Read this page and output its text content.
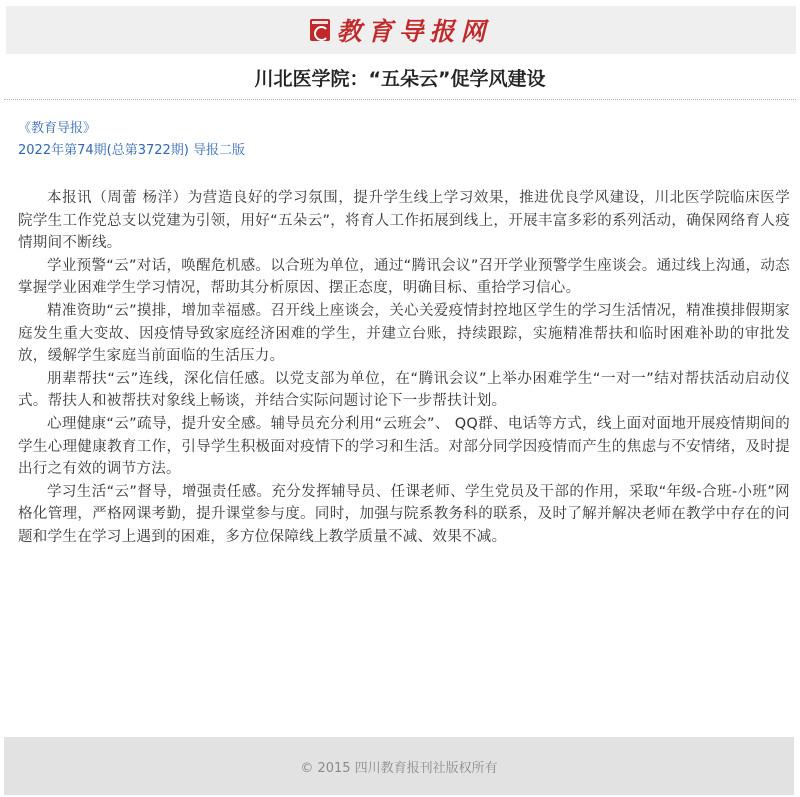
教育导报网
川北医学院：“五朵云”促学风建设
《教育导报》
2022年第74期(总第3722期) 导报二版

本报讯（周蕾 杨洋）为营造良好的学习氛围，提升学生线上学习效果，推进优良学风建设，川北医学院临床医学院学生工作党总支以党建为引领，用好“五朵云”，将育人工作拓展到线上，开展丰富多彩的系列活动，确保网络育人疫情期间不断线。

学业预警“云”对话，唤醒危机感。以合班为单位，通过“腾讯会议”召开学业预警学生座谈会。通过线上沟通，动态掌握学业困难学生学习情况，帮助其分析原因、摆正态度，明确目标、重拾学习信心。

精准资助“云”摸排，增加幸福感。召开线上座谈会，关心关爱疫情封控地区学生的学习生活情况，精准摸排假期家庭发生重大变故、因疫情导致家庭经济困难的学生，并建立台账，持续跟踪，实施精准帮扶和临时困难补助的审批发放，缓解学生家庭当前面临的生活压力。

朋辈帮扶“云”连线，深化信任感。以党支部为单位，在“腾讯会议”上举办困难学生“一对一”结对帮扶活动启动仪式。帮扶人和被帮扶对象线上畅谈，并结合实际问题讨论下一步帮扶计划。

心理健康“云”疏导，提升安全感。辅导员充分利用“云班会”、 QQ群、电话等方式，线上面对面地开展疫情期间的学生心理健康教育工作，引导学生积极面对疫情下的学习和生活。对部分同学因疫情而产生的焦虑与不安情绪，及时提出行之有效的调节方法。

学习生活“云”督导，增强责任感。充分发挥辅导员、任课老师、学生党员及干部的作用，采取“年级-合班-小班”网格化管理，严格网课考勤，提升课堂参与度。同时，加强与院系教务科的联系，及时了解并解决老师在教学中存在的问题和学生在学习上遇到的困难，多方位保障线上教学质量不减、效果不减。

© 2015 四川教育报刊社版权所有
